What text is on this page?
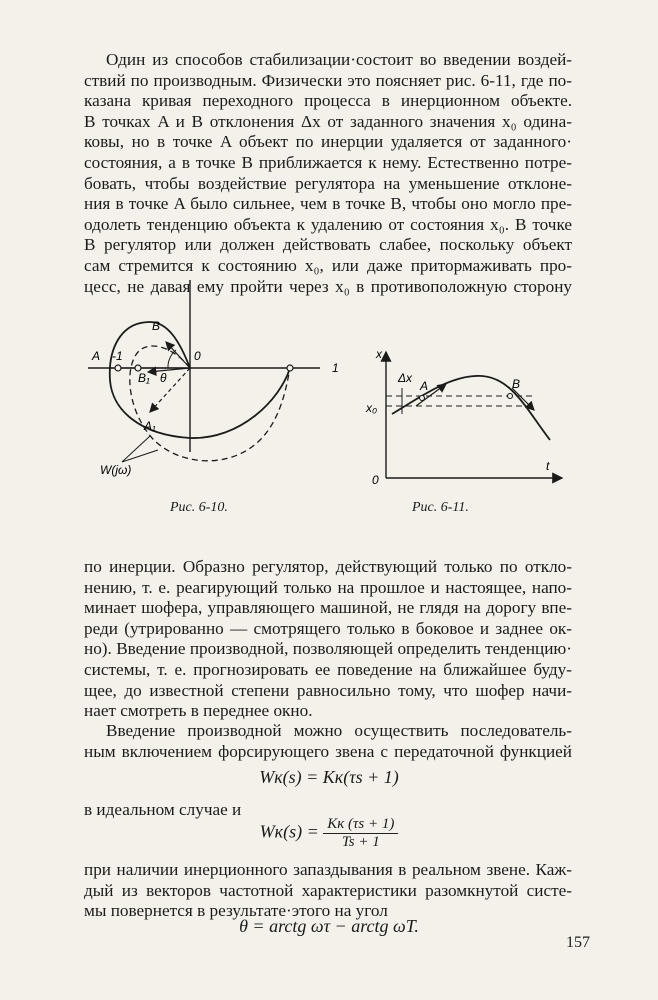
Один из способов стабилизации·состоит во введении воздей-
ствий по производным. Физически это поясняет рис. 6-11, где по-
казана кривая переходного процесса в инерционном объекте.
В точках A и B отклонения Δx от заданного значения x₀ одина-
ковы, но в точке A объект по инерции удаляется от заданного·
состояния, а в точке B приближается к нему. Естественно потре-
бовать, чтобы воздействие регулятора на уменьшение отклоне-
ния в точке A было сильнее, чем в точке B, чтобы оно могло пре-
одолеть тенденцию объекта к удалению от состояния x₀. В точке
B регулятор или должен действовать слабее, поскольку объект
сам стремится к состоянию x₀, или даже притормаживать про-
цесс, не давая ему пройти через x₀ в противоположную сторону
A -1
B
B₁ θ
A₁
0
1
W(jω)
Рис. 6-10.
x
Δx
A	B
x₀
0
t
Рис. 6-11.
по инерции. Образно регулятор, действующий только по откло-
нению, т. е. реагирующий только на прошлое и настоящее, напо-
минает шофера, управляющего машиной, не глядя на дорогу впе-
реди (утрированно — смотрящего только в боковое и заднее ок-
но). Введение производной, позволяющей определить тенденцию·
системы, т. е. прогнозировать ее поведение на ближайшее буду-
щее, до известной степени равносильно тому, что шофер начи-
нает смотреть в переднее окно.
Введение производной можно осуществить последователь-
ным включением форсирующего звена с передаточной функцией
Wк(s) = Kк(τs + 1)
в идеальном случае и
$Wк(s) = \frac{Kк (\tau s + 1)}{Ts + 1}$
при наличии инерционного запаздывания в реальном звене. Каж-
дый из векторов частотной характеристики разомкнутой систе-
мы повернется в результате·этого на угол
θ = arctg ωτ − arctg ωT.
157
